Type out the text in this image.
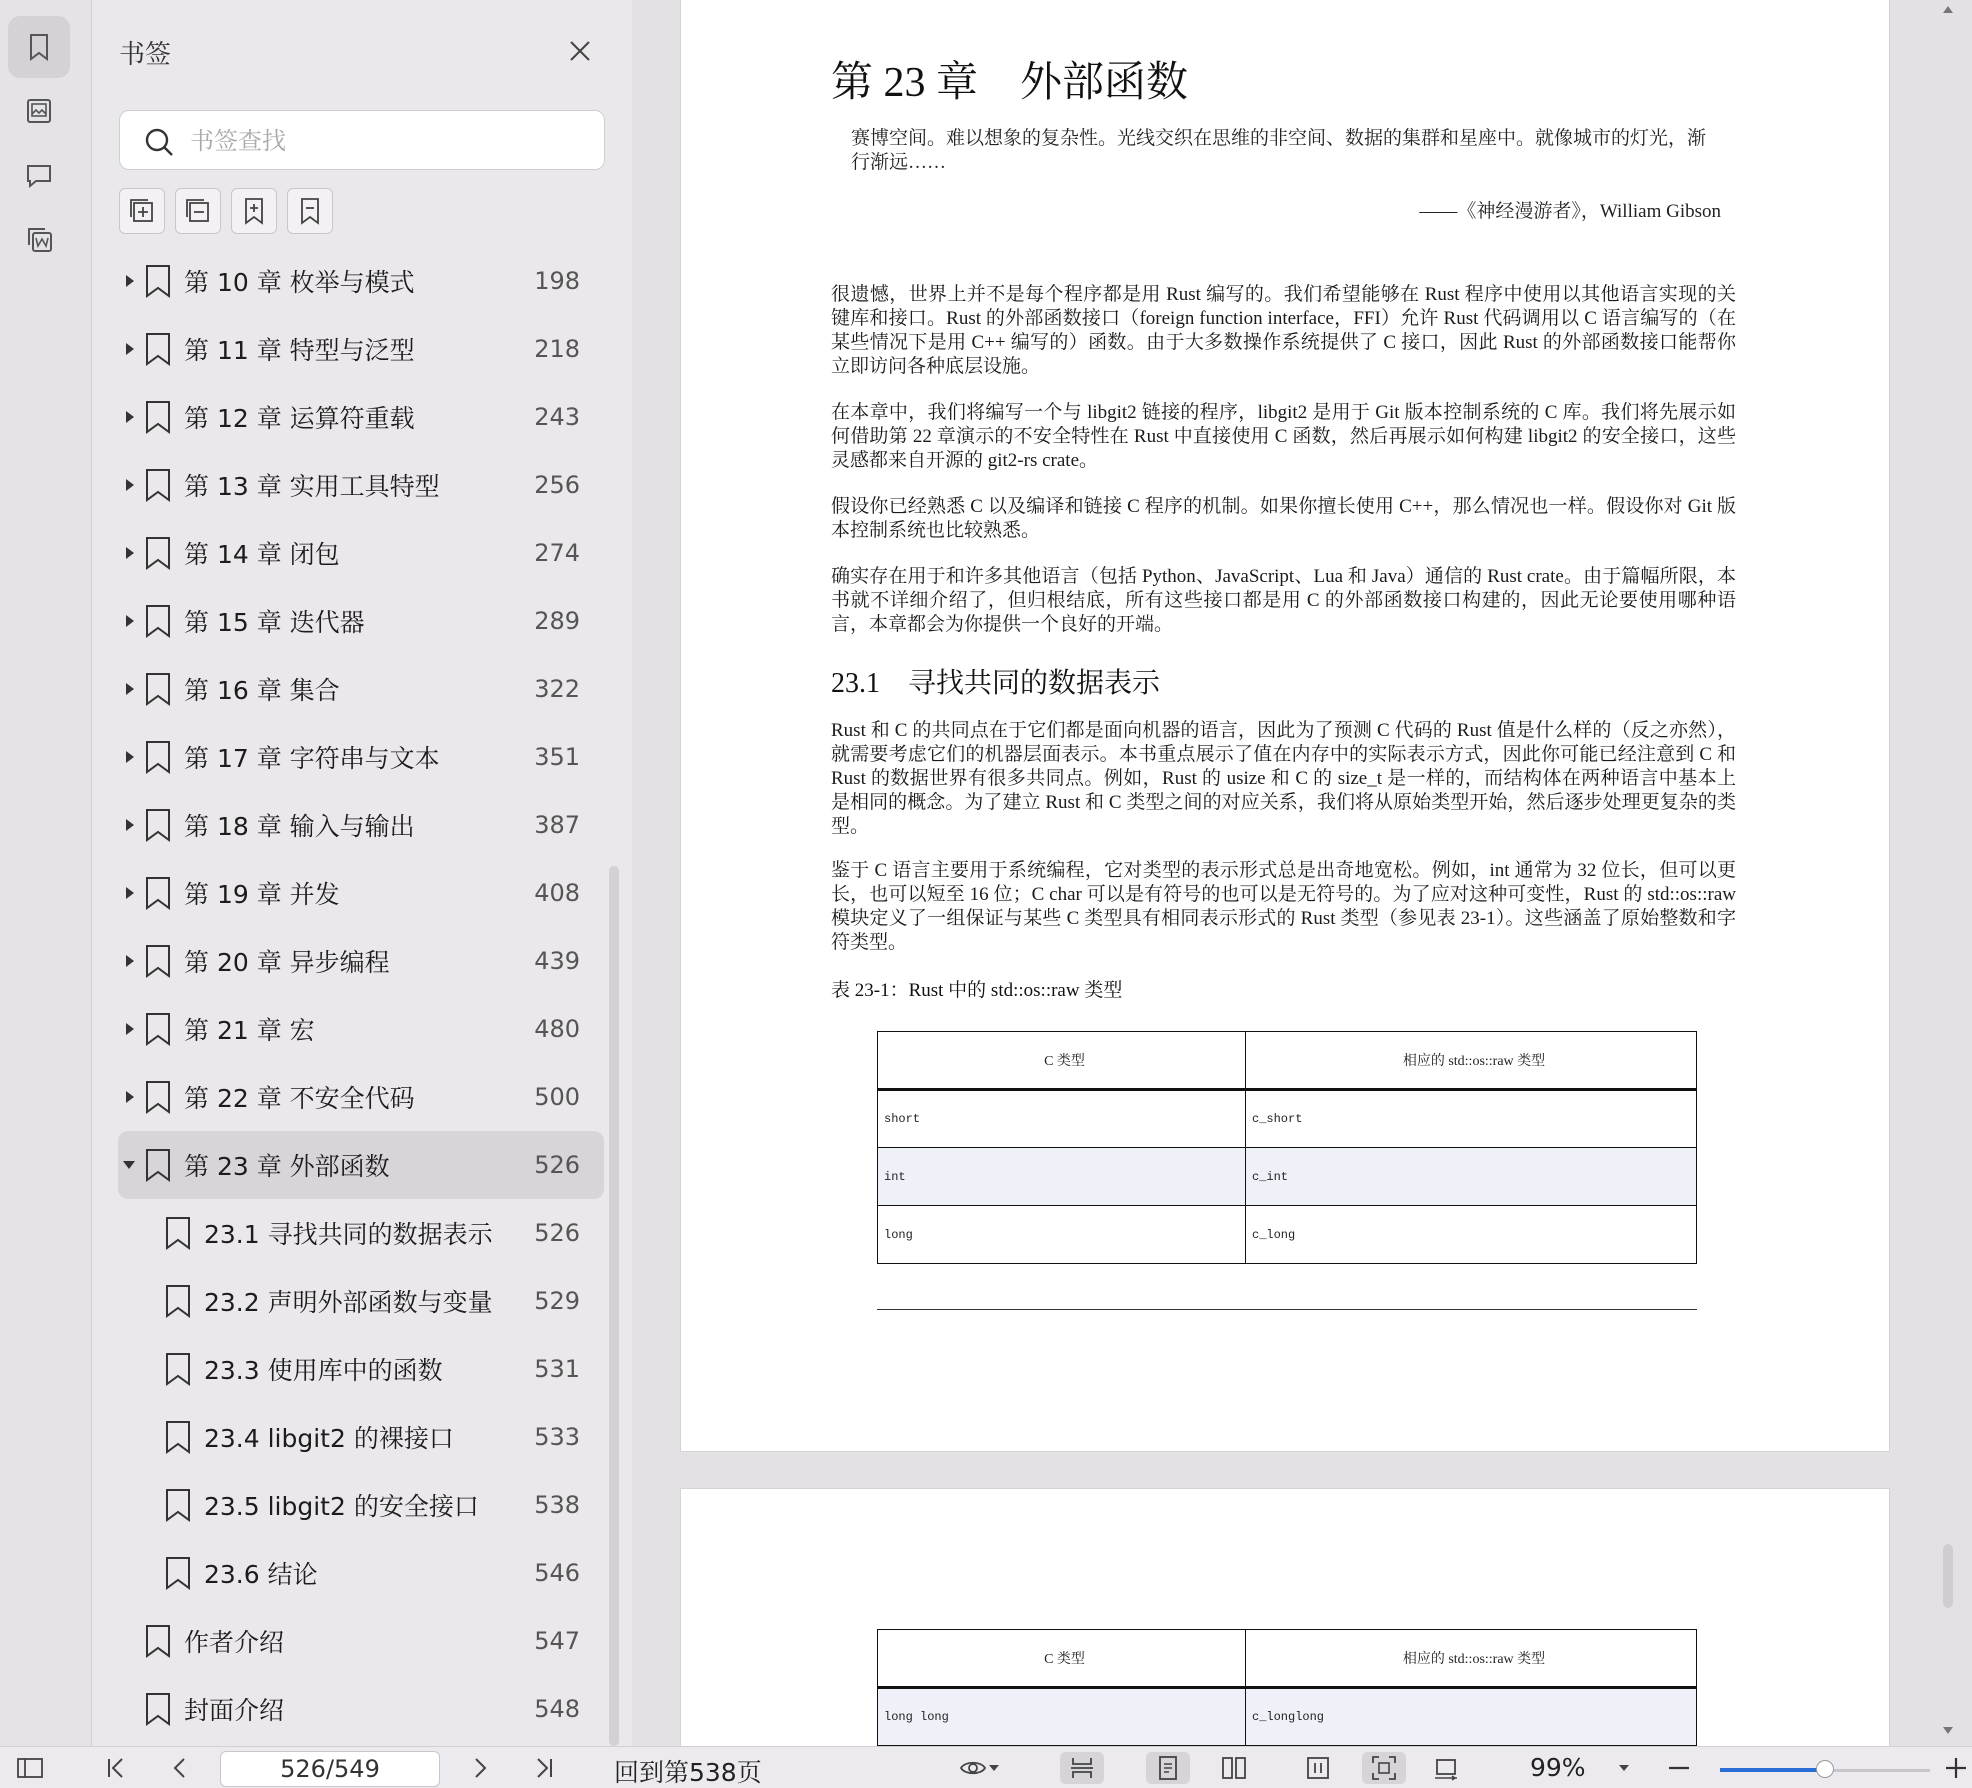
书签
书签查找
第 10 章 枚举与模式	198
第 11 章 特型与泛型	218
第 12 章 运算符重载	243
第 13 章 实用工具特型	256
第 14 章 闭包	274
第 15 章 迭代器	289
第 16 章 集合	322
第 17 章 字符串与文本	351
第 18 章 输入与输出	387
第 19 章 并发	408
第 20 章 异步编程	439
第 21 章 宏	480
第 22 章 不安全代码	500
第 23 章 外部函数	526
23.1 寻找共同的数据表示 526
23.2 声明外部函数与变量 529
23.3 使用库中的函数	531
23.4 libgit2 的裸接口	533
23.5 libgit2 的安全接口 538
23.6 结论	546
作者介绍	547
封面介绍	548
第 23 章　外部函数
赛博空间。难以想象的复杂性。光线交织在思维的非空间、数据的集群和星座中。就像城市的灯光，渐行渐远……
——《神经漫游者》，William Gibson
很遗憾，世界上并不是每个程序都是用 Rust 编写的。我们希望能够在 Rust 程序中使用以其他语言实现的关键库和接口。Rust 的外部函数接口（foreign function interface，FFI）允许 Rust 代码调用以 C 语言编写的（在某些情况下是用 C++ 编写的）函数。由于大多数操作系统提供了 C 接口，因此 Rust 的外部函数接口能帮你立即访问各种底层设施。
在本章中，我们将编写一个与 libgit2 链接的程序，libgit2 是用于 Git 版本控制系统的 C 库。我们将先展示如何借助第 22 章演示的不安全特性在 Rust 中直接使用 C 函数，然后再展示如何构建 libgit2 的安全接口，这些灵感都来自开源的 git2-rs crate。
假设你已经熟悉 C 以及编译和链接 C 程序的机制。如果你擅长使用 C++，那么情况也一样。假设你对 Git 版本控制系统也比较熟悉。
确实存在用于和许多其他语言（包括 Python、JavaScript、Lua 和 Java）通信的 Rust crate。由于篇幅所限，本书就不详细介绍了，但归根结底，所有这些接口都是用 C 的外部函数接口构建的，因此无论要使用哪种语言，本章都会为你提供一个良好的开端。
23.1　寻找共同的数据表示
Rust 和 C 的共同点在于它们都是面向机器的语言，因此为了预测 C 代码的 Rust 值是什么样的（反之亦然），就需要考虑它们的机器层面表示。本书重点展示了值在内存中的实际表示方式，因此你可能已经注意到 C 和 Rust 的数据世界有很多共同点。例如，Rust 的 usize 和 C 的 size_t 是一样的，而结构体在两种语言中基本上是相同的概念。为了建立 Rust 和 C 类型之间的对应关系，我们将从原始类型开始，然后逐步处理更复杂的类型。
鉴于 C 语言主要用于系统编程，它对类型的表示形式总是出奇地宽松。例如，int 通常为 32 位长，但可以更长，也可以短至 16 位；C char 可以是有符号的也可以是无符号的。为了应对这种可变性，Rust 的 std::os::raw 模块定义了一组保证与某些 C 类型具有相同表示形式的 Rust 类型（参见表 23-1）。这些涵盖了原始整数和字符类型。
表 23-1：Rust 中的 std::os::raw 类型
C 类型	相应的 std::os::raw 类型
short	c_short
int	c_int
long	c_long
C 类型	相应的 std::os::raw 类型
long long	c_longlong
526/549
回到第538页	99%
